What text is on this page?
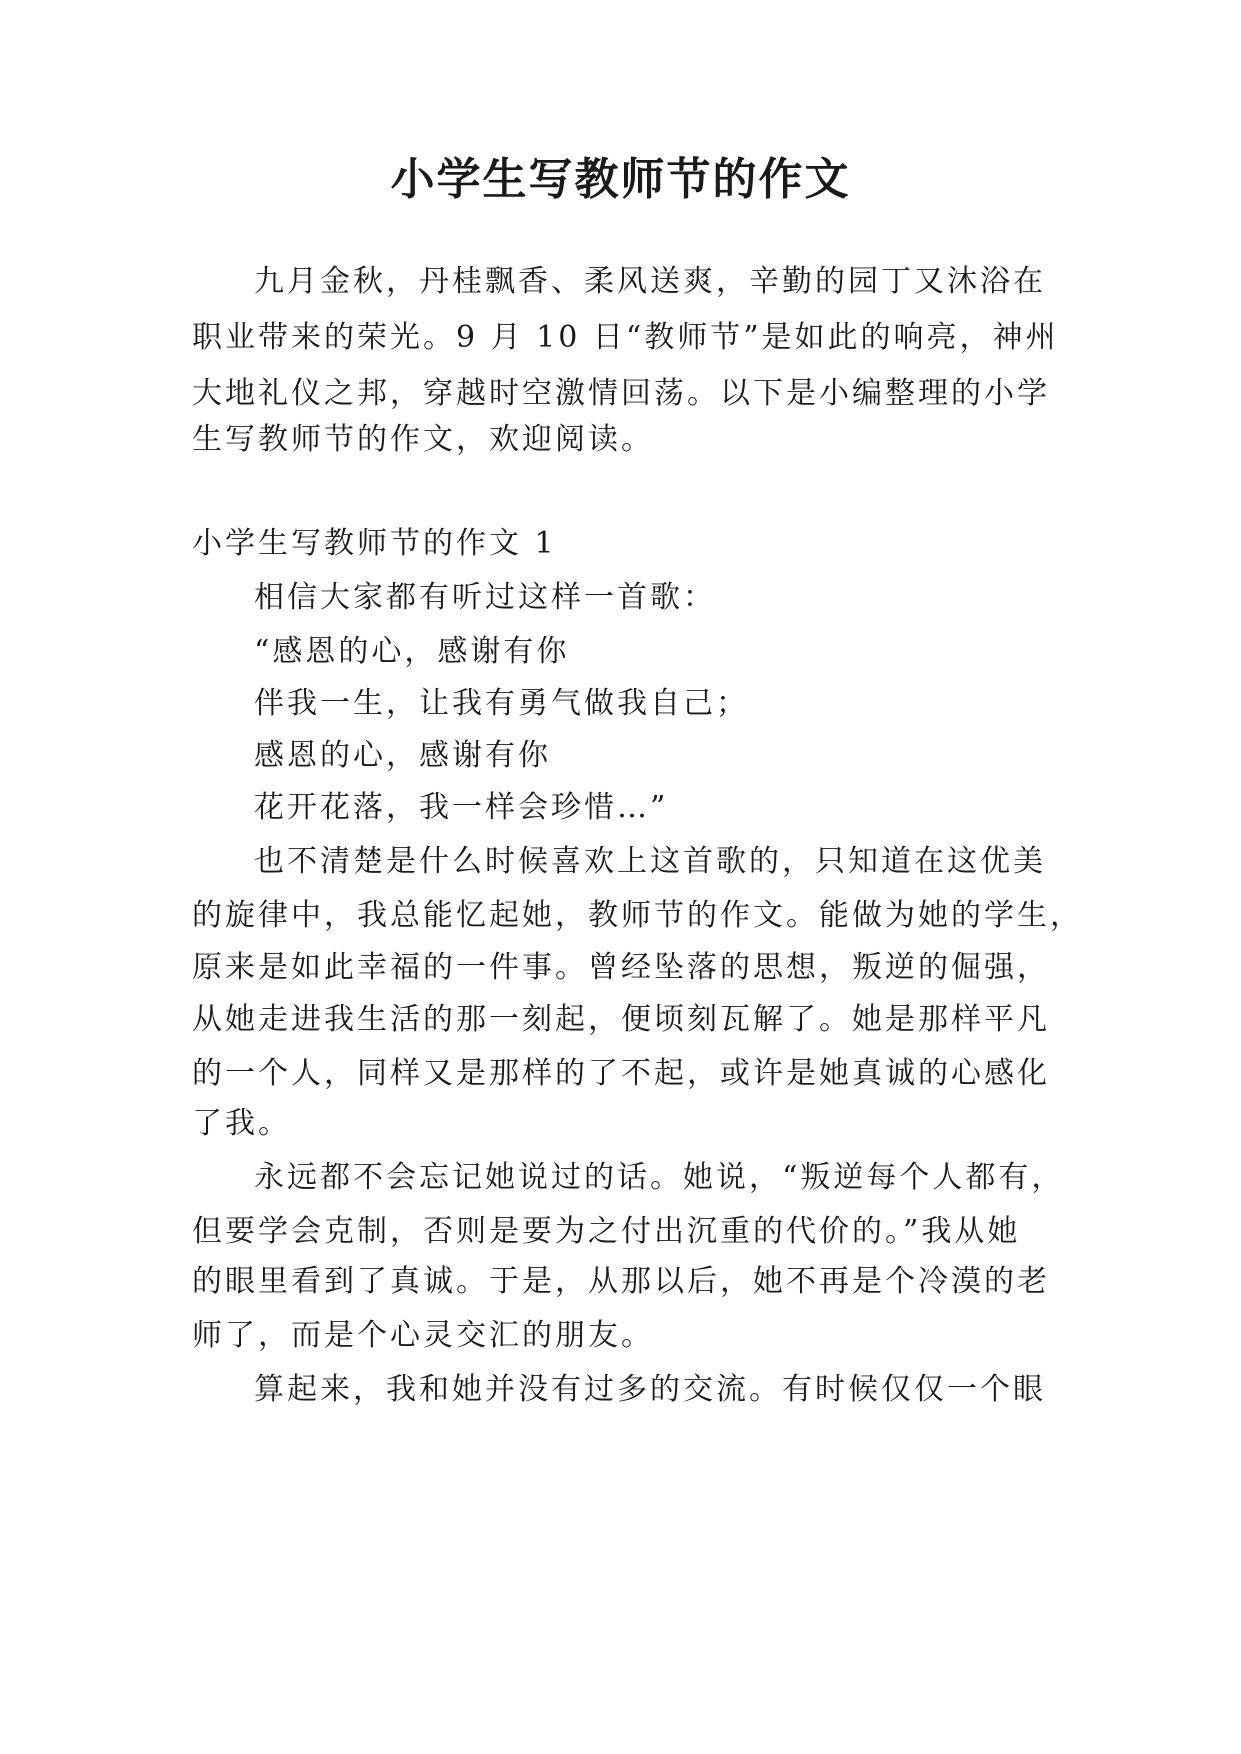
小学生写教师节的作文
九月金秋，丹桂飘香、柔风送爽，辛勤的园丁又沐浴在
职业带来的荣光。9 月 10 日“教师节”是如此的响亮，神州
大地礼仪之邦，穿越时空激情回荡。以下是小编整理的小学
生写教师节的作文，欢迎阅读。
小学生写教师节的作文 1
相信大家都有听过这样一首歌：
“感恩的心，感谢有你
伴我一生，让我有勇气做我自己；
感恩的心，感谢有你
花开花落，我一样会珍惜…”
也不清楚是什么时候喜欢上这首歌的，只知道在这优美
的旋律中，我总能忆起她，教师节的作文。能做为她的学生，
原来是如此幸福的一件事。曾经坠落的思想，叛逆的倔强，
从她走进我生活的那一刻起，便顷刻瓦解了。她是那样平凡
的一个人，同样又是那样的了不起，或许是她真诚的心感化
了我。
永远都不会忘记她说过的话。她说，“叛逆每个人都有，
但要学会克制，否则是要为之付出沉重的代价的。”我从她
的眼里看到了真诚。于是，从那以后，她不再是个冷漠的老
师了，而是个心灵交汇的朋友。
算起来，我和她并没有过多的交流。有时候仅仅一个眼
